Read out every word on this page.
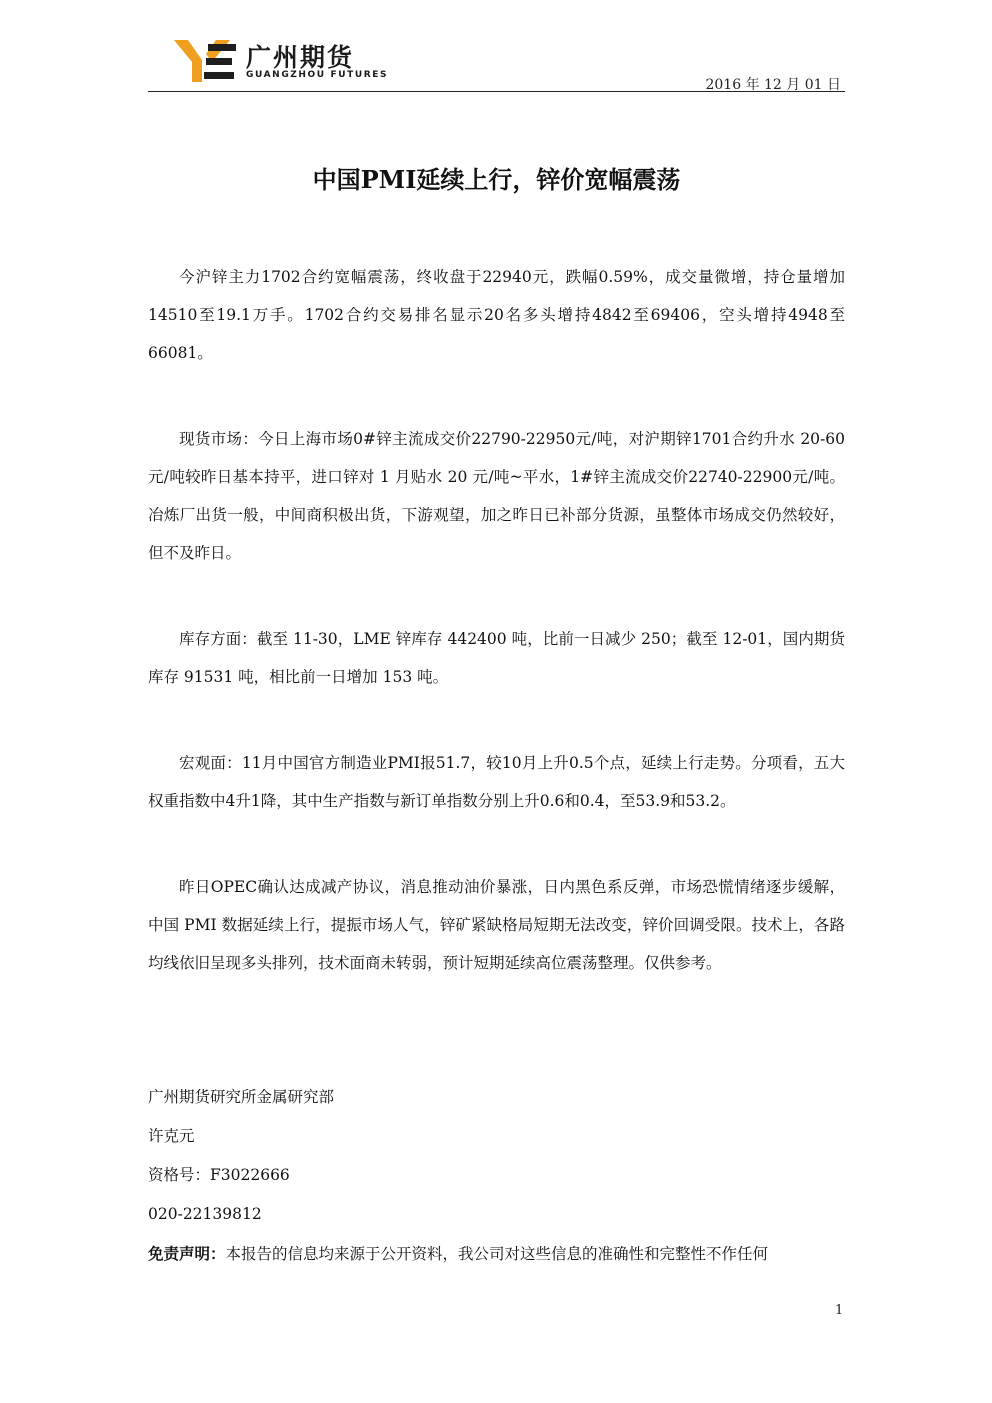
广州期货
GUANGZHOU FUTURES
2016 年 12 月 01 日
中国PMI延续上行，锌价宽幅震荡

今沪锌主力1702合约宽幅震荡，终收盘于22940元，跌幅0.59%，成交量微增，持仓量增加14510至19.1万手。1702合约交易排名显示20名多头增持4842至69406，空头增持4948至66081。

现货市场：今日上海市场0#锌主流成交价22790-22950元/吨，对沪期锌1701合约升水 20-60 元/吨较昨日基本持平，进口锌对 1 月贴水 20 元/吨~平水，1#锌主流成交价22740-22900元/吨。冶炼厂出货一般，中间商积极出货，下游观望，加之昨日已补部分货源，虽整体市场成交仍然较好，但不及昨日。

库存方面：截至 11-30，LME 锌库存 442400 吨，比前一日减少 250；截至 12-01，国内期货库存 91531 吨，相比前一日增加 153 吨。

宏观面：11月中国官方制造业PMI报51.7，较10月上升0.5个点，延续上行走势。分项看，五大权重指数中4升1降，其中生产指数与新订单指数分别上升0.6和0.4，至53.9和53.2。

昨日OPEC确认达成减产协议，消息推动油价暴涨，日内黑色系反弹，市场恐慌情绪逐步缓解，中国 PMI 数据延续上行，提振市场人气，锌矿紧缺格局短期无法改变，锌价回调受限。技术上，各路均线依旧呈现多头排列，技术面商未转弱，预计短期延续高位震荡整理。仅供参考。

广州期货研究所金属研究部
许克元
资格号：F3022666
020-22139812
免责声明：本报告的信息均来源于公开资料，我公司对这些信息的准确性和完整性不作任何
1
